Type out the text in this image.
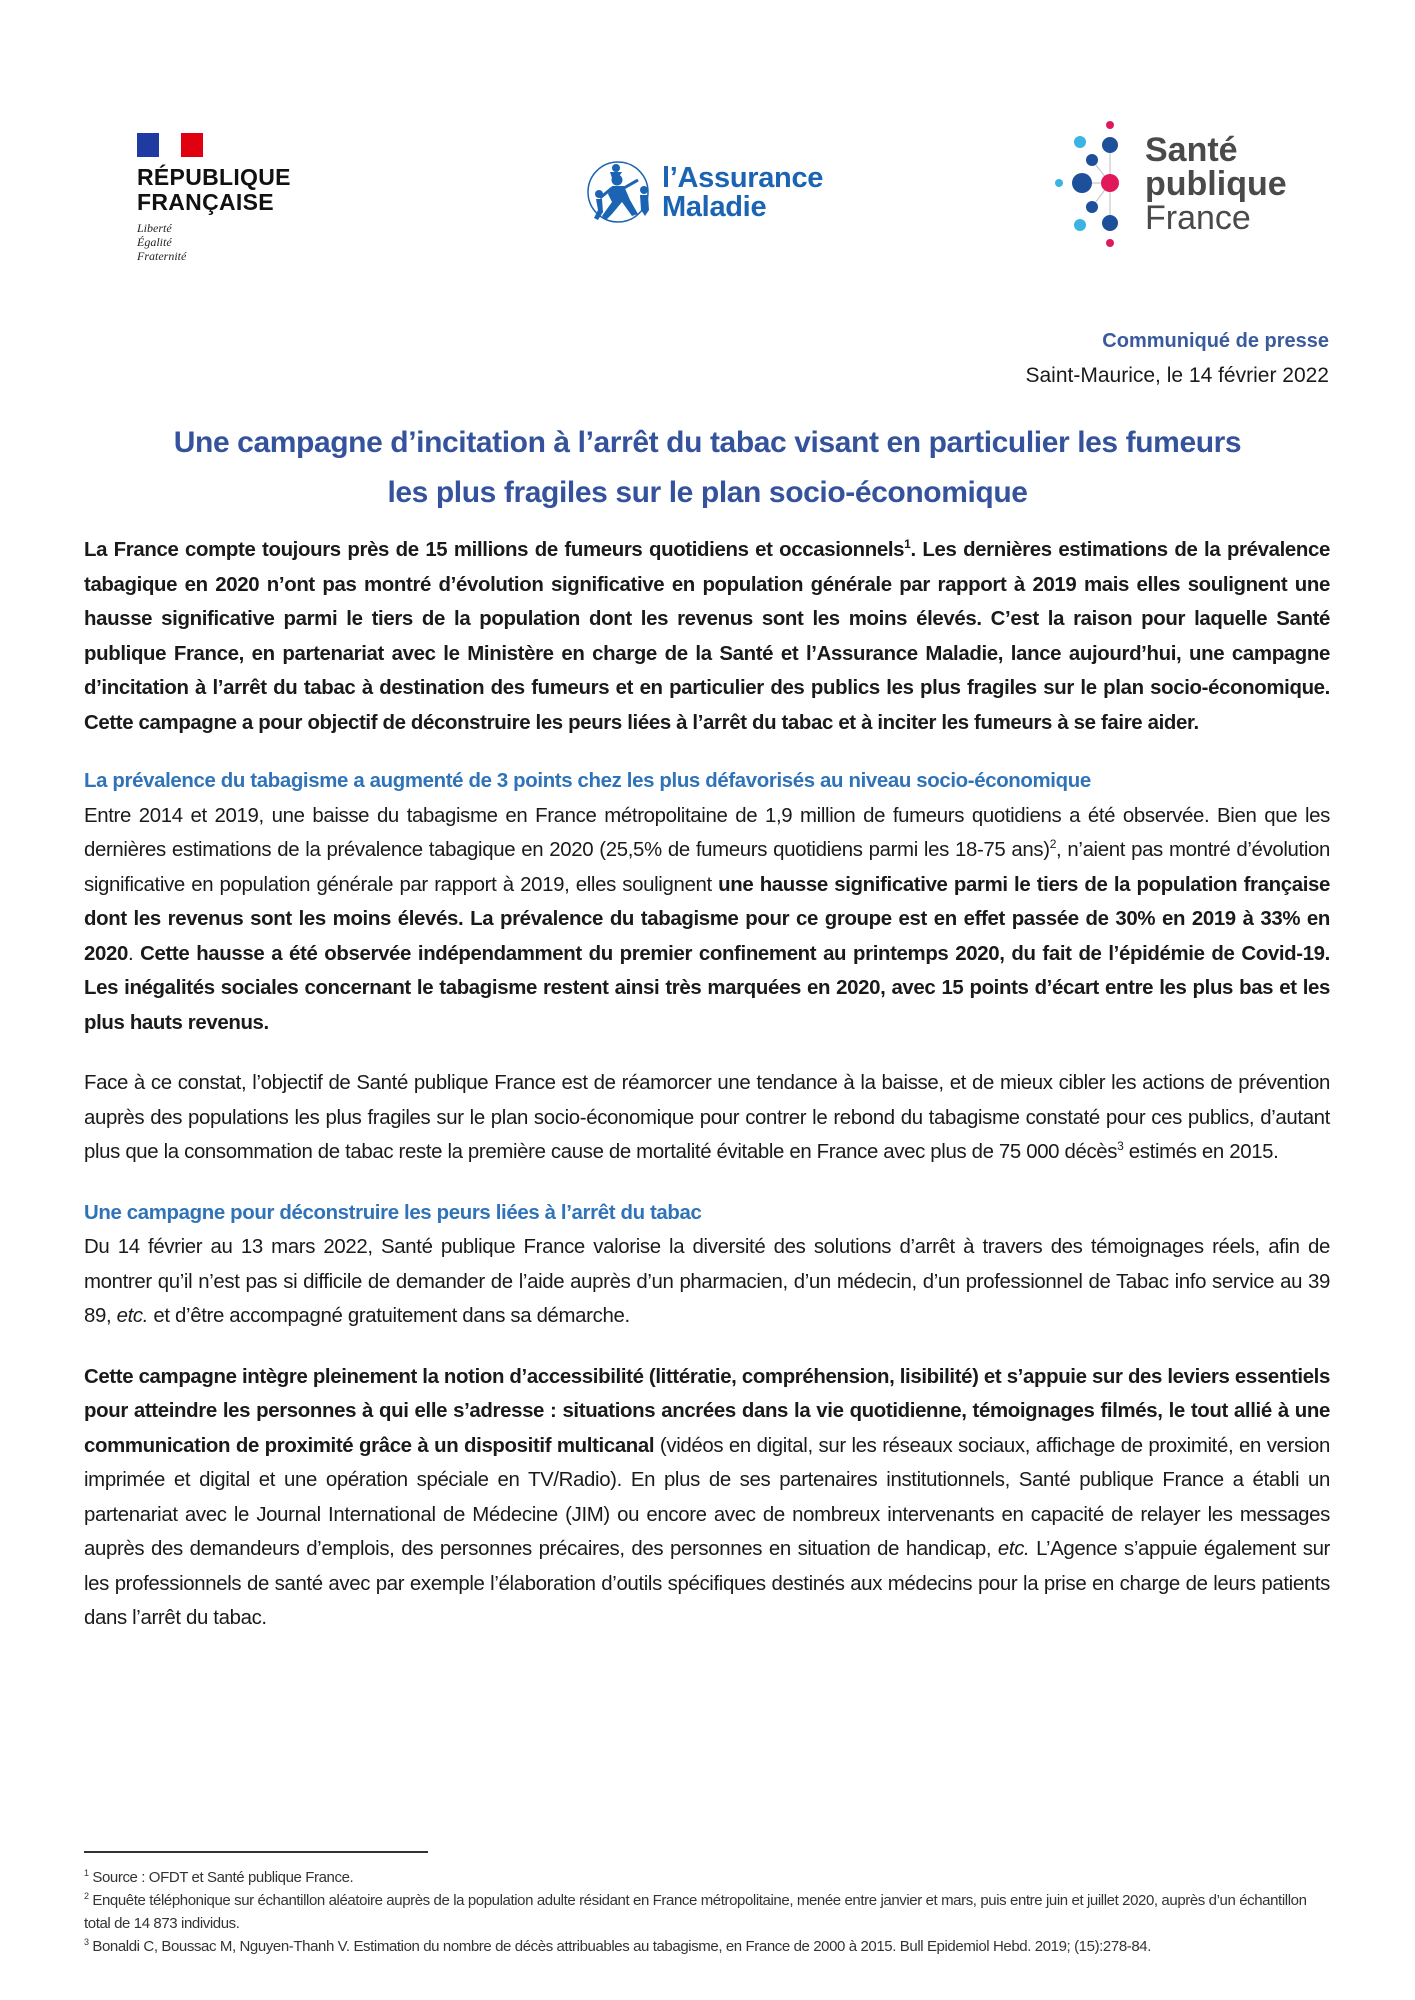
RÉPUBLIQUE
FRANÇAISE
Liberté
Égalité
Fraternité
l’Assurance
Maladie
Santé
publique
France
Communiqué de presse
Saint-Maurice, le 14 février 2022
Une campagne d’incitation à l’arrêt du tabac visant en particulier les fumeurs
les plus fragiles sur le plan socio-économique

La France compte toujours près de 15 millions de fumeurs quotidiens et occasionnels$^1$. Les dernières estimations de la prévalence tabagique en 2020 n’ont pas montré d’évolution significative en population générale par rapport à 2019 mais elles soulignent une hausse significative parmi le tiers de la population dont les revenus sont les moins élevés. C’est la raison pour laquelle Santé publique France, en partenariat avec le Ministère en charge de la Santé et l’Assurance Maladie, lance aujourd’hui, une campagne d’incitation à l’arrêt du tabac à destination des fumeurs et en particulier des publics les plus fragiles sur le plan socio-économique. Cette campagne a pour objectif de déconstruire les peurs liées à l’arrêt du tabac et à inciter les fumeurs à se faire aider.

La prévalence du tabagisme a augmenté de 3 points chez les plus défavorisés au niveau socio-économique

Entre 2014 et 2019, une baisse du tabagisme en France métropolitaine de 1,9 million de fumeurs quotidiens a été observée. Bien que les dernières estimations de la prévalence tabagique en 2020 (25,5% de fumeurs quotidiens parmi les 18-75 ans)$^2$, n’aient pas montré d’évolution significative en population générale par rapport à 2019, elles soulignent une hausse significative parmi le tiers de la population française dont les revenus sont les moins élevés. La prévalence du tabagisme pour ce groupe est en effet passée de 30% en 2019 à 33% en 2020. Cette hausse a été observée indépendamment du premier confinement au printemps 2020, du fait de l’épidémie de Covid-19. Les inégalités sociales concernant le tabagisme restent ainsi très marquées en 2020, avec 15 points d’écart entre les plus bas et les plus hauts revenus.

Face à ce constat, l’objectif de Santé publique France est de réamorcer une tendance à la baisse, et de mieux cibler les actions de prévention auprès des populations les plus fragiles sur le plan socio-économique pour contrer le rebond du tabagisme constaté pour ces publics, d’autant plus que la consommation de tabac reste la première cause de mortalité évitable en France avec plus de 75 000 décès$^3$ estimés en 2015.

Une campagne pour déconstruire les peurs liées à l’arrêt du tabac

Du 14 février au 13 mars 2022, Santé publique France valorise la diversité des solutions d’arrêt à travers des témoignages réels, afin de montrer qu’il n’est pas si difficile de demander de l’aide auprès d’un pharmacien, d’un médecin, d’un professionnel de Tabac info service au 39 89, etc. et d’être accompagné gratuitement dans sa démarche.

Cette campagne intègre pleinement la notion d’accessibilité (littératie, compréhension, lisibilité) et s’appuie sur des leviers essentiels pour atteindre les personnes à qui elle s’adresse : situations ancrées dans la vie quotidienne, témoignages filmés, le tout allié à une communication de proximité grâce à un dispositif multicanal (vidéos en digital, sur les réseaux sociaux, affichage de proximité, en version imprimée et digital et une opération spéciale en TV/Radio). En plus de ses partenaires institutionnels, Santé publique France a établi un partenariat avec le Journal International de Médecine (JIM) ou encore avec de nombreux intervenants en capacité de relayer les messages auprès des demandeurs d’emplois, des personnes précaires, des personnes en situation de handicap, etc. L’Agence s’appuie également sur les professionnels de santé avec par exemple l’élaboration d’outils spécifiques destinés aux médecins pour la prise en charge de leurs patients dans l’arrêt du tabac.

$^1$ Source : OFDT et Santé publique France.

$^2$ Enquête téléphonique sur échantillon aléatoire auprès de la population adulte résidant en France métropolitaine, menée entre janvier et mars, puis entre juin et juillet 2020, auprès d’un échantillon total de 14 873 individus.

$^3$ Bonaldi C, Boussac M, Nguyen-Thanh V. Estimation du nombre de décès attribuables au tabagisme, en France de 2000 à 2015. Bull Epidemiol Hebd. 2019; (15):278-84.
